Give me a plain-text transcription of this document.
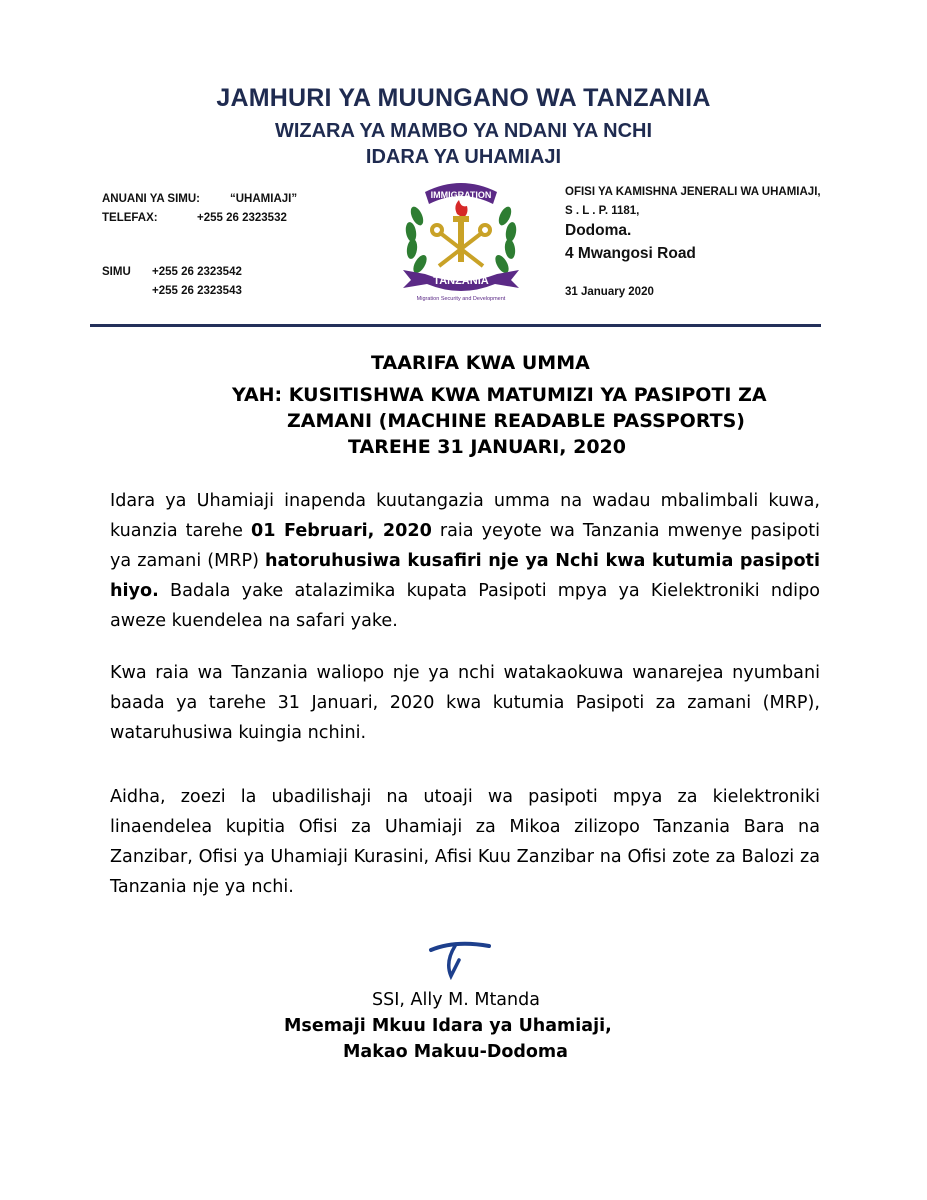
JAMHURI YA MUUNGANO WA TANZANIA
WIZARA YA MAMBO YA NDANI YA NCHI
IDARA YA UHAMIAJI
ANUANI YA SIMU:	“UHAMIAJI”
TELEFAX:	+255 26 2323532
SIMU +255 26 2323542
+255 26 2323543
IMMIGRATION
TANZANIA
Migration Security and Development
OFISI YA KAMISHNA JENERALI WA UHAMIAJI,
S . L . P. 1181,
Dodoma.
4 Mwangosi Road
31 January 2020
TAARIFA KWA UMMA
YAH: KUSITISHWA KWA MATUMIZI YA PASIPOTI ZA
ZAMANI (MACHINE READABLE PASSPORTS)
TAREHE 31 JANUARI, 2020
Idara ya Uhamiaji inapenda kuutangazia umma na wadau mbalimbali kuwa, kuanzia tarehe 01 Februari, 2020 raia yeyote wa Tanzania mwenye pasipoti ya zamani (MRP) hatoruhusiwa kusafiri nje ya Nchi kwa kutumia pasipoti hiyo. Badala yake atalazimika kupata Pasipoti mpya ya Kielektroniki ndipo aweze kuendelea na safari yake.
Kwa raia wa Tanzania waliopo nje ya nchi watakaokuwa wanarejea nyumbani baada ya tarehe 31 Januari, 2020 kwa kutumia Pasipoti za zamani (MRP), wataruhusiwa kuingia nchini.
Aidha, zoezi la ubadilishaji na utoaji wa pasipoti mpya za kielektroniki linaendelea kupitia Ofisi za Uhamiaji za Mikoa zilizopo Tanzania Bara na Zanzibar, Ofisi ya Uhamiaji Kurasini, Afisi Kuu Zanzibar na Ofisi zote za Balozi za Tanzania nje ya nchi.
SSI, Ally M. Mtanda
Msemaji Mkuu Idara ya Uhamiaji,
Makao Makuu-Dodoma
